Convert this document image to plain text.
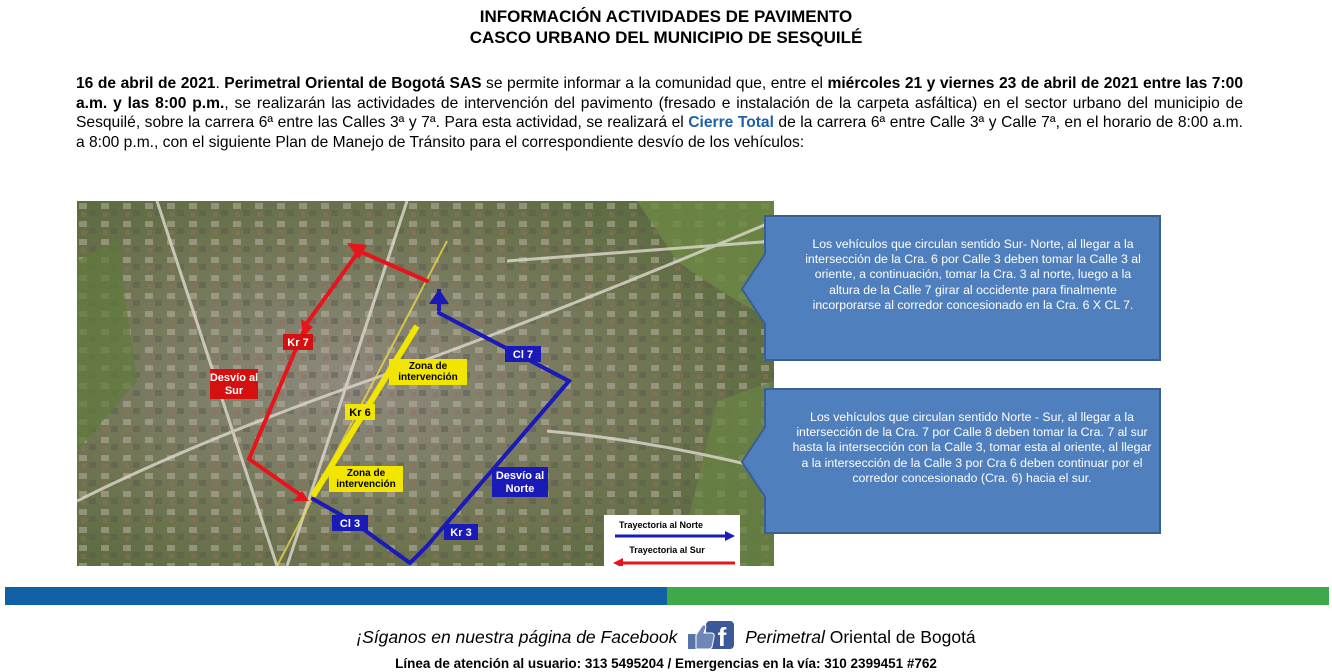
INFORMACIÓN ACTIVIDADES DE PAVIMENTO
CASCO URBANO DEL MUNICIPIO DE SESQUILÉ
16 de abril de 2021. Perimetral Oriental de Bogotá SAS se permite informar a la comunidad que, entre el miércoles 21 y viernes 23 de abril de 2021 entre las 7:00 a.m. y las 8:00 p.m., se realizarán las actividades de intervención del pavimento (fresado e instalación de la carpeta asfáltica) en el sector urbano del municipio de Sesquilé, sobre la carrera 6ª entre las Calles 3ª y 7ª. Para esta actividad, se realizará el Cierre Total de la carrera 6ª entre Calle 3ª y Calle 7ª, en el horario de 8:00 a.m. a 8:00 p.m., con el siguiente Plan de Manejo de Tránsito para el correspondiente desvío de los vehículos:
Kr 7
Desvío al Sur
Zona de intervención
Kr 6
Zona de intervención
Cl 7
Cl 3
Kr 3
Desvío al Norte
Trayectoria al Norte
Trayectoria al Sur
Los vehículos que circulan sentido Sur- Norte, al llegar a la intersección de la Cra. 6 por Calle 3 deben tomar la Calle 3 al oriente, a continuación, tomar la Cra. 3 al norte, luego a la altura de la Calle 7 girar al occidente para finalmente incorporarse al corredor concesionado en la Cra. 6 X CL 7.
Los vehículos que circulan sentido Norte - Sur, al llegar a la intersección de la Cra. 7 por Calle 8 deben tomar la Cra. 7 al sur hasta la intersección con la Calle 3, tomar esta al oriente, al llegar a la intersección de la Calle 3 por Cra 6 deben continuar por el corredor concesionado (Cra. 6) hacia el sur.
¡Síganos en nuestra página de Facebook f Perimetral Oriental de Bogotá
Línea de atención al usuario: 313 5495204 / Emergencias en la vía: 310 2399451 #762
